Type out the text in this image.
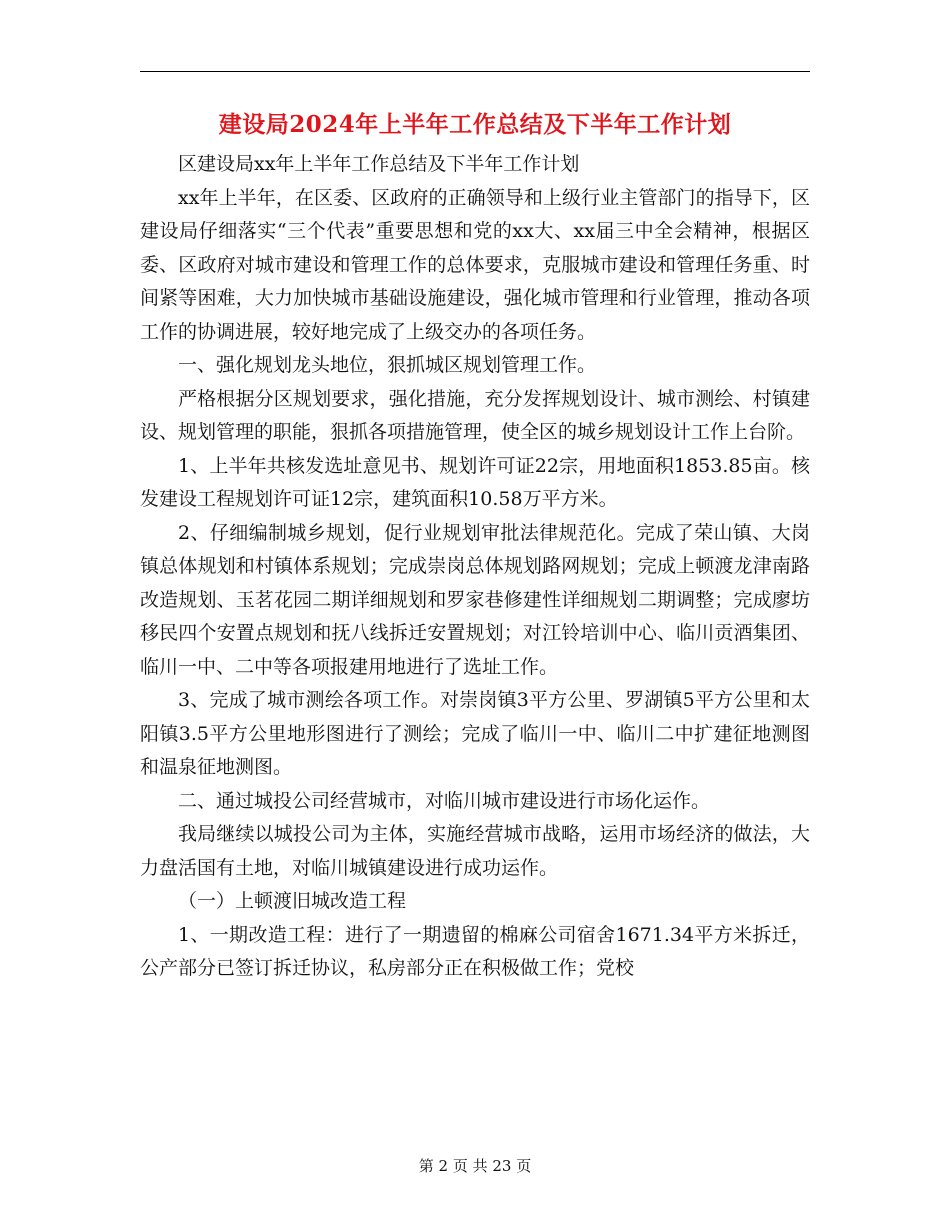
建设局2024年上半年工作总结及下半年工作计划

区建设局xx年上半年工作总结及下半年工作计划

xx年上半年，在区委、区政府的正确领导和上级行业主管部门的指导下，区建设局仔细落实“三个代表”重要思想和党的xx大、xx届三中全会精神，根据区委、区政府对城市建设和管理工作的总体要求，克服城市建设和管理任务重、时间紧等困难，大力加快城市基础设施建设，强化城市管理和行业管理，推动各项工作的协调进展，较好地完成了上级交办的各项任务。

一、强化规划龙头地位，狠抓城区规划管理工作。

严格根据分区规划要求，强化措施，充分发挥规划设计、城市测绘、村镇建设、规划管理的职能，狠抓各项措施管理，使全区的城乡规划设计工作上台阶。

1、上半年共核发选址意见书、规划许可证22宗，用地面积1853.85亩。核发建设工程规划许可证12宗，建筑面积10.58万平方米。

2、仔细编制城乡规划，促行业规划审批法律规范化。完成了荣山镇、大岗镇总体规划和村镇体系规划；完成崇岗总体规划路网规划；完成上顿渡龙津南路改造规划、玉茗花园二期详细规划和罗家巷修建性详细规划二期调整；完成廖坊移民四个安置点规划和抚八线拆迁安置规划；对江铃培训中心、临川贡酒集团、临川一中、二中等各项报建用地进行了选址工作。

3、完成了城市测绘各项工作。对崇岗镇3平方公里、罗湖镇5平方公里和太阳镇3.5平方公里地形图进行了测绘；完成了临川一中、临川二中扩建征地测图和温泉征地测图。

二、通过城投公司经营城市，对临川城市建设进行市场化运作。

我局继续以城投公司为主体，实施经营城市战略，运用市场经济的做法，大力盘活国有土地，对临川城镇建设进行成功运作。

（一）上顿渡旧城改造工程

1、一期改造工程：进行了一期遗留的棉麻公司宿舍1671.34平方米拆迁，公产部分已签订拆迁协议，私房部分正在积极做工作；党校

第 2 页 共 23 页
